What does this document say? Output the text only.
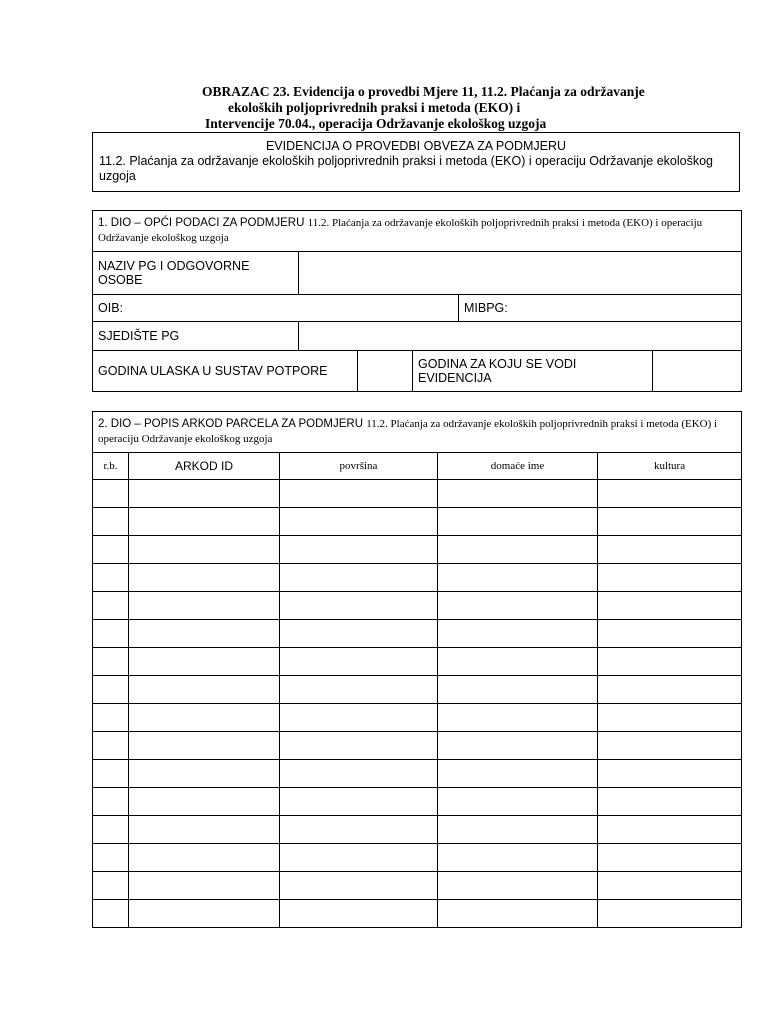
OBRAZAC 23. Evidencija o provedbi Mjere 11, 11.2. Plaćanja za održavanje
ekoloških poljoprivrednih praksi i metoda (EKO) i
Intervencije 70.04., operacija Održavanje ekološkog uzgoja
EVIDENCIJA O PROVEDBI OBVEZA ZA PODMJERU
11.2. Plaćanja za održavanje ekoloških poljoprivrednih praksi i metoda (EKO) i operaciju Održavanje ekološkog uzgoja
1. DIO – OPĆI PODACI ZA PODMJERU 11.2. Plaćanja za održavanje ekoloških poljoprivrednih praksi i metoda (EKO) i operaciju Održavanje ekološkog uzgoja					
NAZIV PG I ODGOVORNE OSOBE					
OIB:				MIBPG:	
SJEDIŠTE PG					
GODINA ULASKA U SUSTAV POTPORE			GODINA ZA KOJU SE VODI EVIDENCIJA		
2. DIO – POPIS ARKOD PARCELA ZA PODMJERU 11.2. Plaćanja za održavanje ekoloških poljoprivrednih praksi i metoda (EKO) i operaciju Održavanje ekološkog uzgoja				
r.b.	ARKOD ID	površina	domaće ime	kultura
